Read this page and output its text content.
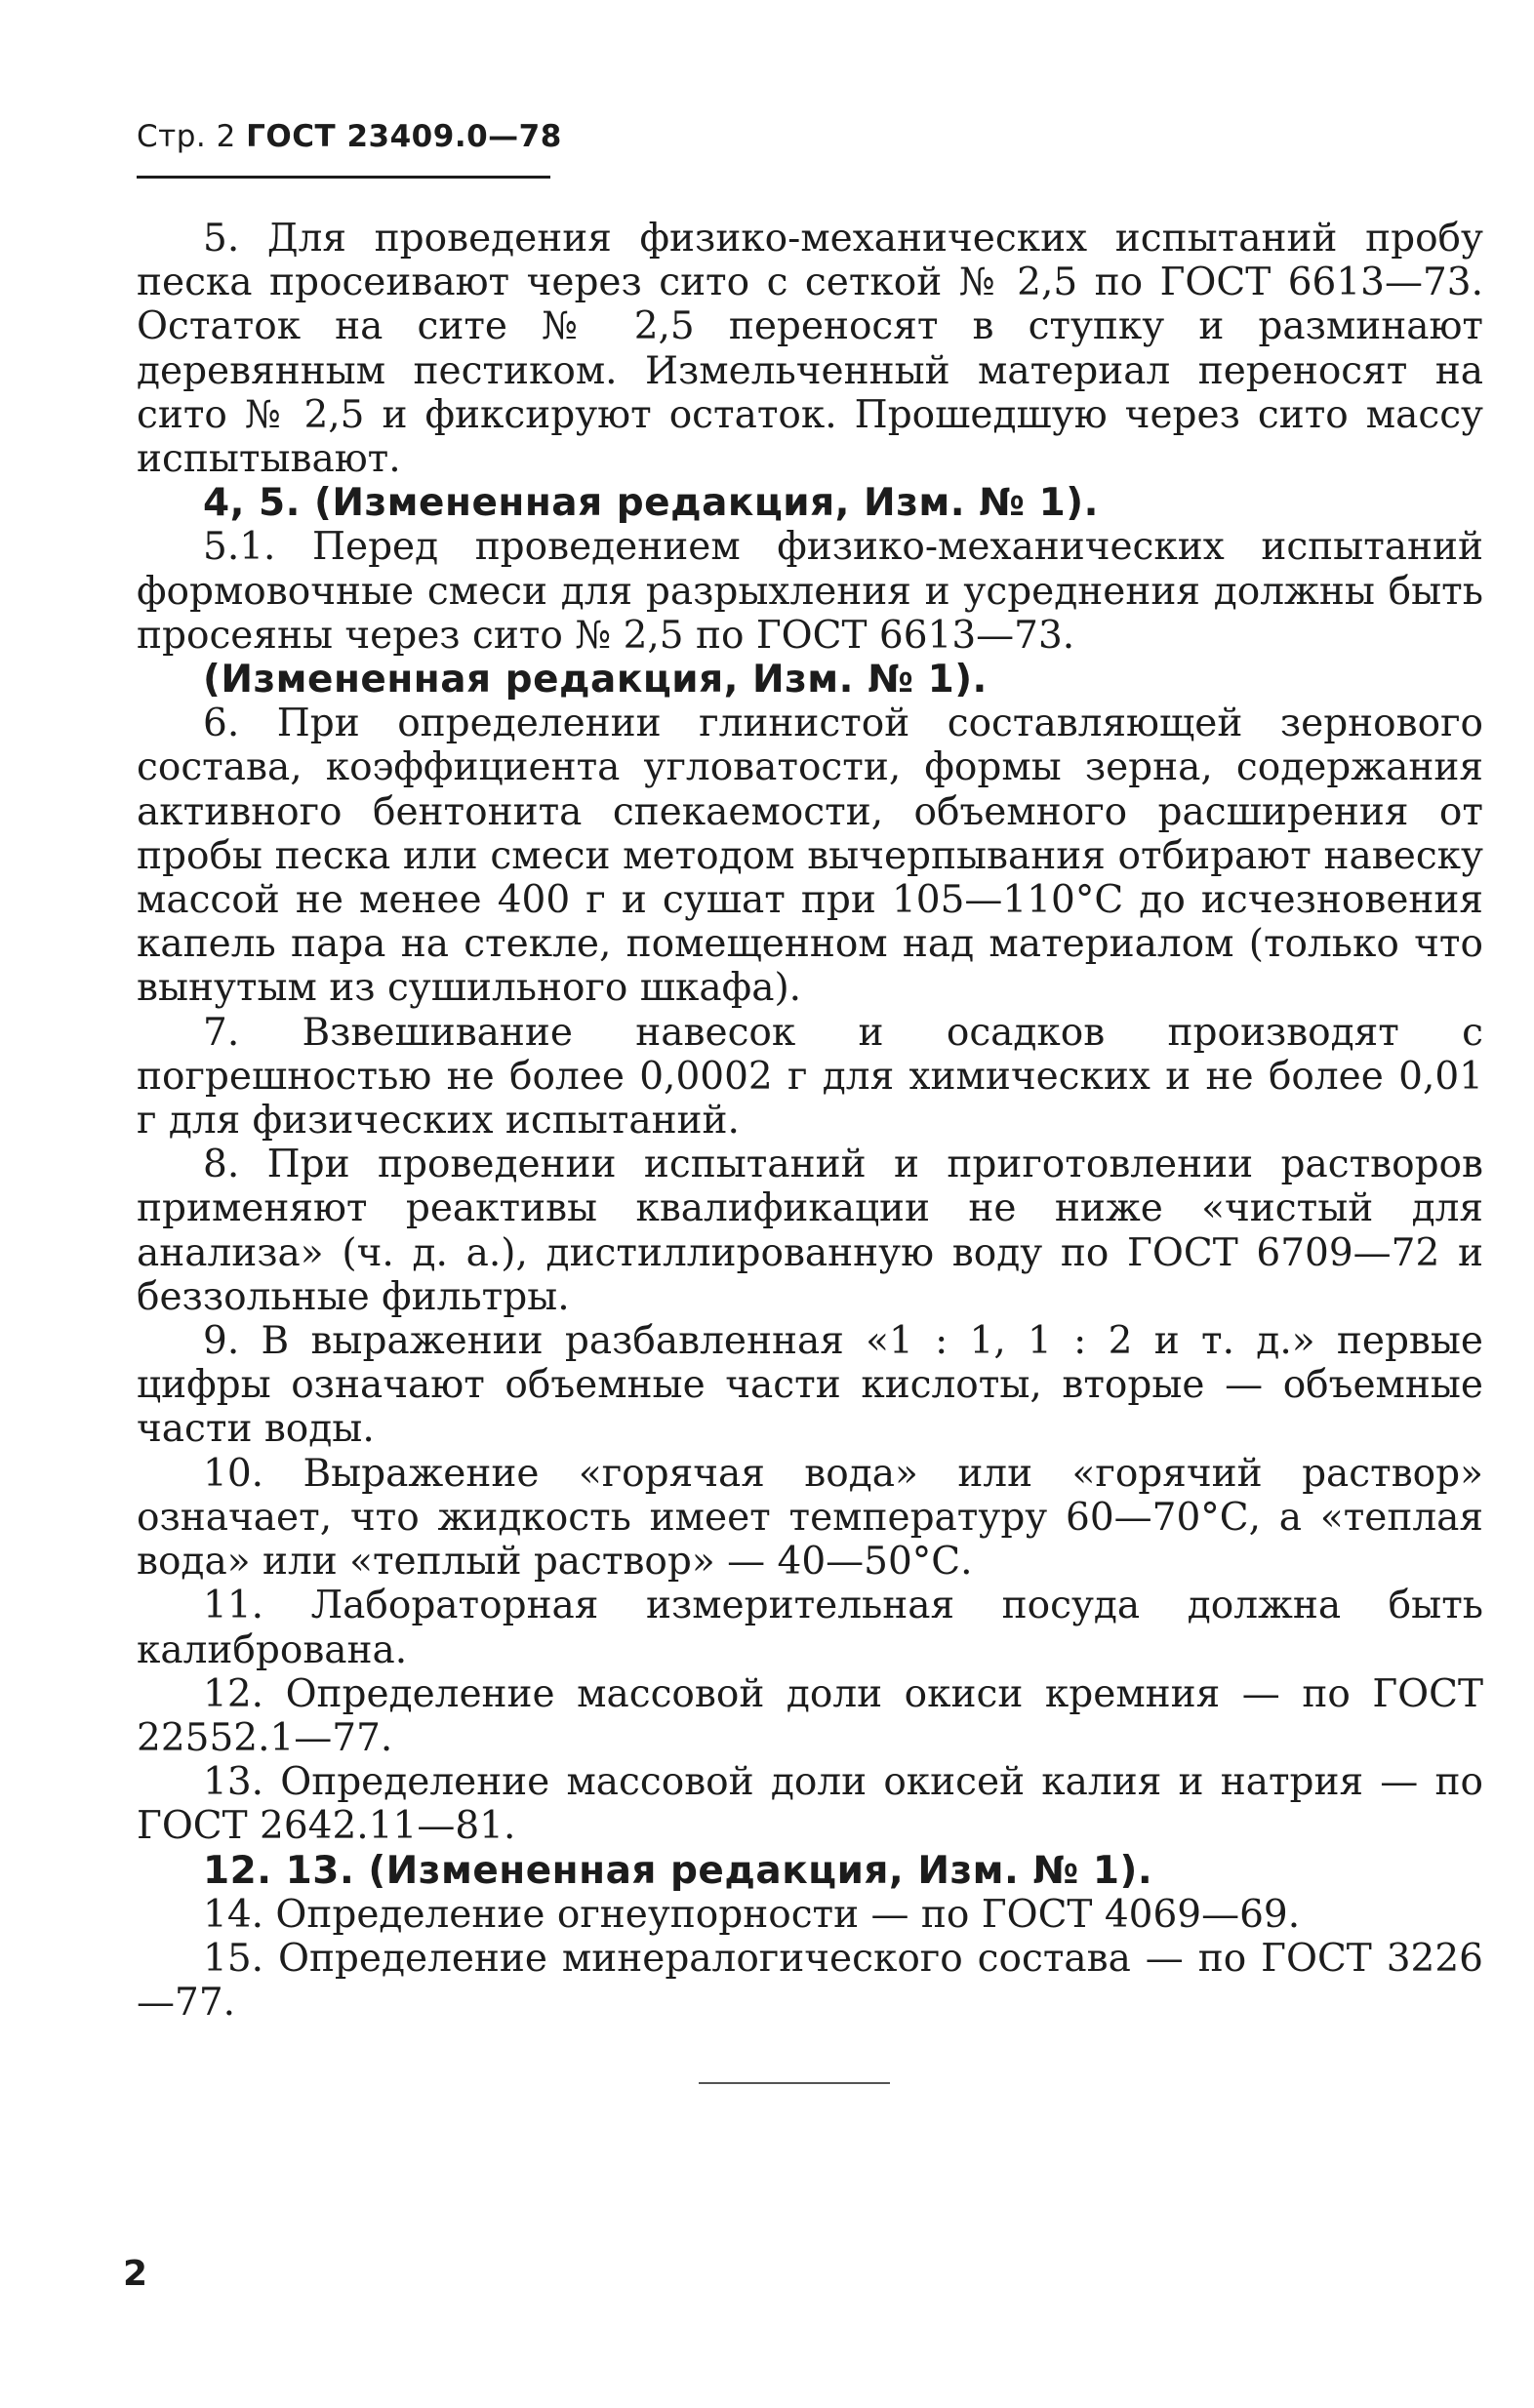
Стр. 2 ГОСТ 23409.0—78

5. Для проведения физико-механических испытаний пробу песка просеивают через сито с сеткой № 2,5 по ГОСТ 6613—73. Остаток на сите № 2,5 переносят в ступку и разминают деревянным пестиком. Измельченный материал переносят на сито № 2,5 и фиксируют остаток. Прошедшую через сито массу испытывают.

4, 5. (Измененная редакция, Изм. № 1).

5.1. Перед проведением физико-механических испытаний формовочные смеси для разрыхления и усреднения должны быть просеяны через сито № 2,5 по ГОСТ 6613—73.

(Измененная редакция, Изм. № 1).

6. При определении глинистой составляющей зернового состава, коэффициента угловатости, формы зерна, содержания активного бентонита спекаемости, объемного расширения от пробы песка или смеси методом вычерпывания отбирают навеску массой не менее 400 г и сушат при 105—110°С до исчезновения капель пара на стекле, помещенном над материалом (только что вынутым из сушильного шкафа).

7. Взвешивание навесок и осадков производят с погрешностью не более 0,0002 г для химических и не более 0,01 г для физических испытаний.

8. При проведении испытаний и приготовлении растворов применяют реактивы квалификации не ниже «чистый для анализа» (ч. д. а.), дистиллированную воду по ГОСТ 6709—72 и беззольные фильтры.

9. В выражении разбавленная «1 : 1, 1 : 2 и т. д.» первые цифры означают объемные части кислоты, вторые — объемные части воды.

10. Выражение «горячая вода» или «горячий раствор» означает, что жидкость имеет температуру 60—70°С, а «теплая вода» или «теплый раствор» — 40—50°С.

11. Лабораторная измерительная посуда должна быть калибрована.

12. Определение массовой доли окиси кремния — по ГОСТ 22552.1—77.

13. Определение массовой доли окисей калия и натрия — по ГОСТ 2642.11—81.

12. 13. (Измененная редакция, Изм. № 1).

14. Определение огнеупорности — по ГОСТ 4069—69.

15. Определение минералогического состава — по ГОСТ 3226—77.

2
